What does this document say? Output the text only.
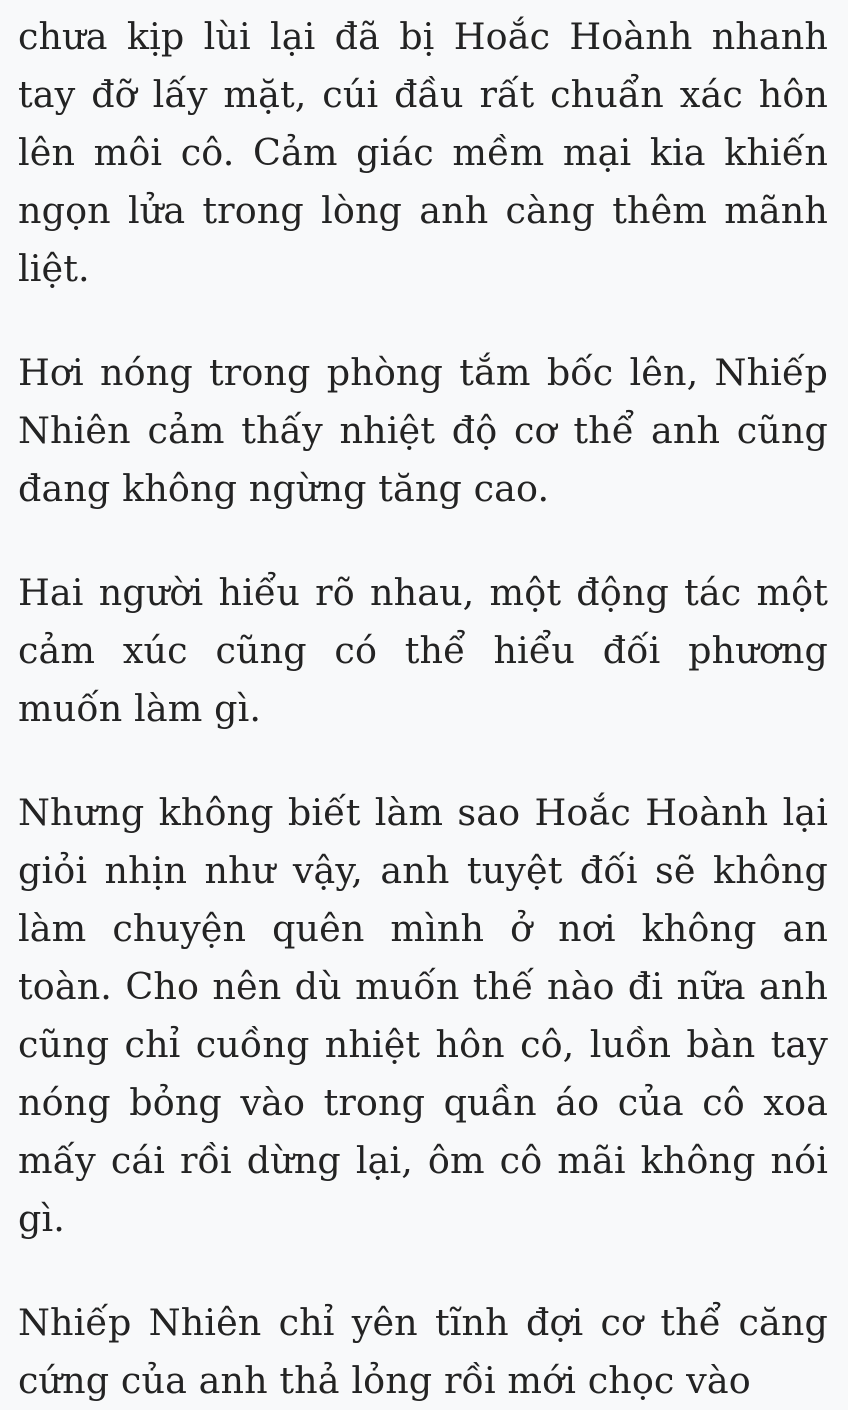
chưa kịp lùi lại đã bị Hoắc Hoành nhanh tay đỡ lấy mặt, cúi đầu rất chuẩn xác hôn lên môi cô. Cảm giác mềm mại kia khiến ngọn lửa trong lòng anh càng thêm mãnh liệt.

Hơi nóng trong phòng tắm bốc lên, Nhiếp Nhiên cảm thấy nhiệt độ cơ thể anh cũng đang không ngừng tăng cao.

Hai người hiểu rõ nhau, một động tác một cảm xúc cũng có thể hiểu đối phương muốn làm gì.

Nhưng không biết làm sao Hoắc Hoành lại giỏi nhịn như vậy, anh tuyệt đối sẽ không làm chuyện quên mình ở nơi không an toàn. Cho nên dù muốn thế nào đi nữa anh cũng chỉ cuồng nhiệt hôn cô, luồn bàn tay nóng bỏng vào trong quần áo của cô xoa mấy cái rồi dừng lại, ôm cô mãi không nói gì.

Nhiếp Nhiên chỉ yên tĩnh đợi cơ thể căng cứng của anh thả lỏng rồi mới chọc vào
